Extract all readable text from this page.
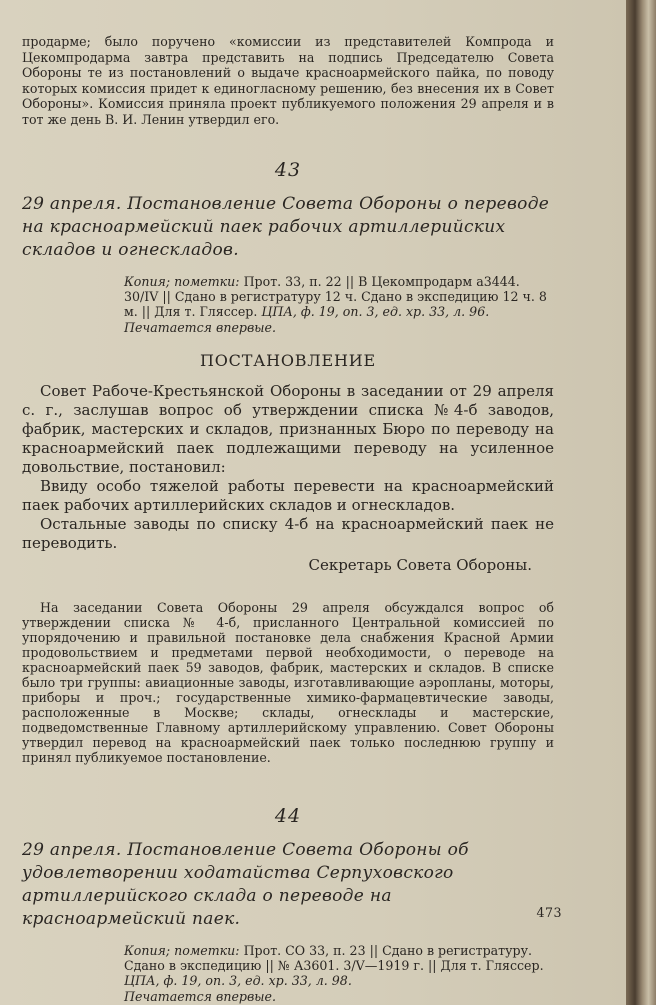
продарме; было поручено «комиссии из представителей Компрода и Цекомпродарма завтра представить на подпись Председателю Совета Обороны те из постановлений о выдаче красноармейского пайка, по поводу которых комиссия придет к единогласному решению, без внесения их в Совет Обороны». Комиссия приняла проект публикуемого положения 29 апреля и в тот же день В. И. Ленин утвердил его.

43

29 апреля. Постановление Совета Обороны о переводе на красноармейский паек рабочих артиллерийских складов и огнескладов.

Копия; пометки: Прот. 33, п. 22 || В Цекомпродарм а3444. 30/IV || Сдано в регистратуру 12 ч. Сдано в экспедицию 12 ч. 8 м. || Для т. Гляссер. ЦПА, ф. 19, оп. 3, ед. хр. 33, л. 96.

Печатается впервые.
ПОСТАНОВЛЕНИЕ

Совет Рабоче-Крестьянской Обороны в заседании от 29 апреля с. г., заслушав вопрос об утверждении списка №4-б заводов, фабрик, мастерских и складов, признанных Бюро по переводу на красноармейский паек подлежащими переводу на усиленное довольствие, постановил:

Ввиду особо тяжелой работы перевести на красноармейский паек рабочих артиллерийских складов и огнескладов.

Остальные заводы по списку 4-б на красноармейский паек не переводить.

Секретарь Совета Обороны.

На заседании Совета Обороны 29 апреля обсуждался вопрос об утверждении списка № 4-б, присланного Центральной комиссией по упорядочению и правильной постановке дела снабжения Красной Армии продовольствием и предметами первой необходимости, о переводе на красноармейский паек 59 заводов, фабрик, мастерских и складов. В списке было три группы: авиационные заводы, изготавливающие аэропланы, моторы, приборы и проч.; государственные химико-фармацевтические заводы, расположенные в Москве; склады, огнесклады и мастерские, подведомственные Главному артиллерийскому управлению. Совет Обороны утвердил перевод на красноармейский паек только последнюю группу и принял публикуемое постановление.

44

29 апреля. Постановление Совета Обороны об удовлетворении ходатайства Серпуховского артиллерийского склада о переводе на красноармейский паек.

Копия; пометки: Прот. СО 33, п. 23 || Сдано в регистратуру. Сдано в экспедицию || № А3601. 3/V—1919 г. || Для т. Гляссер. ЦПА, ф. 19, оп. 3, ед. хр. 33, л. 98.

Печатается впервые.
473
